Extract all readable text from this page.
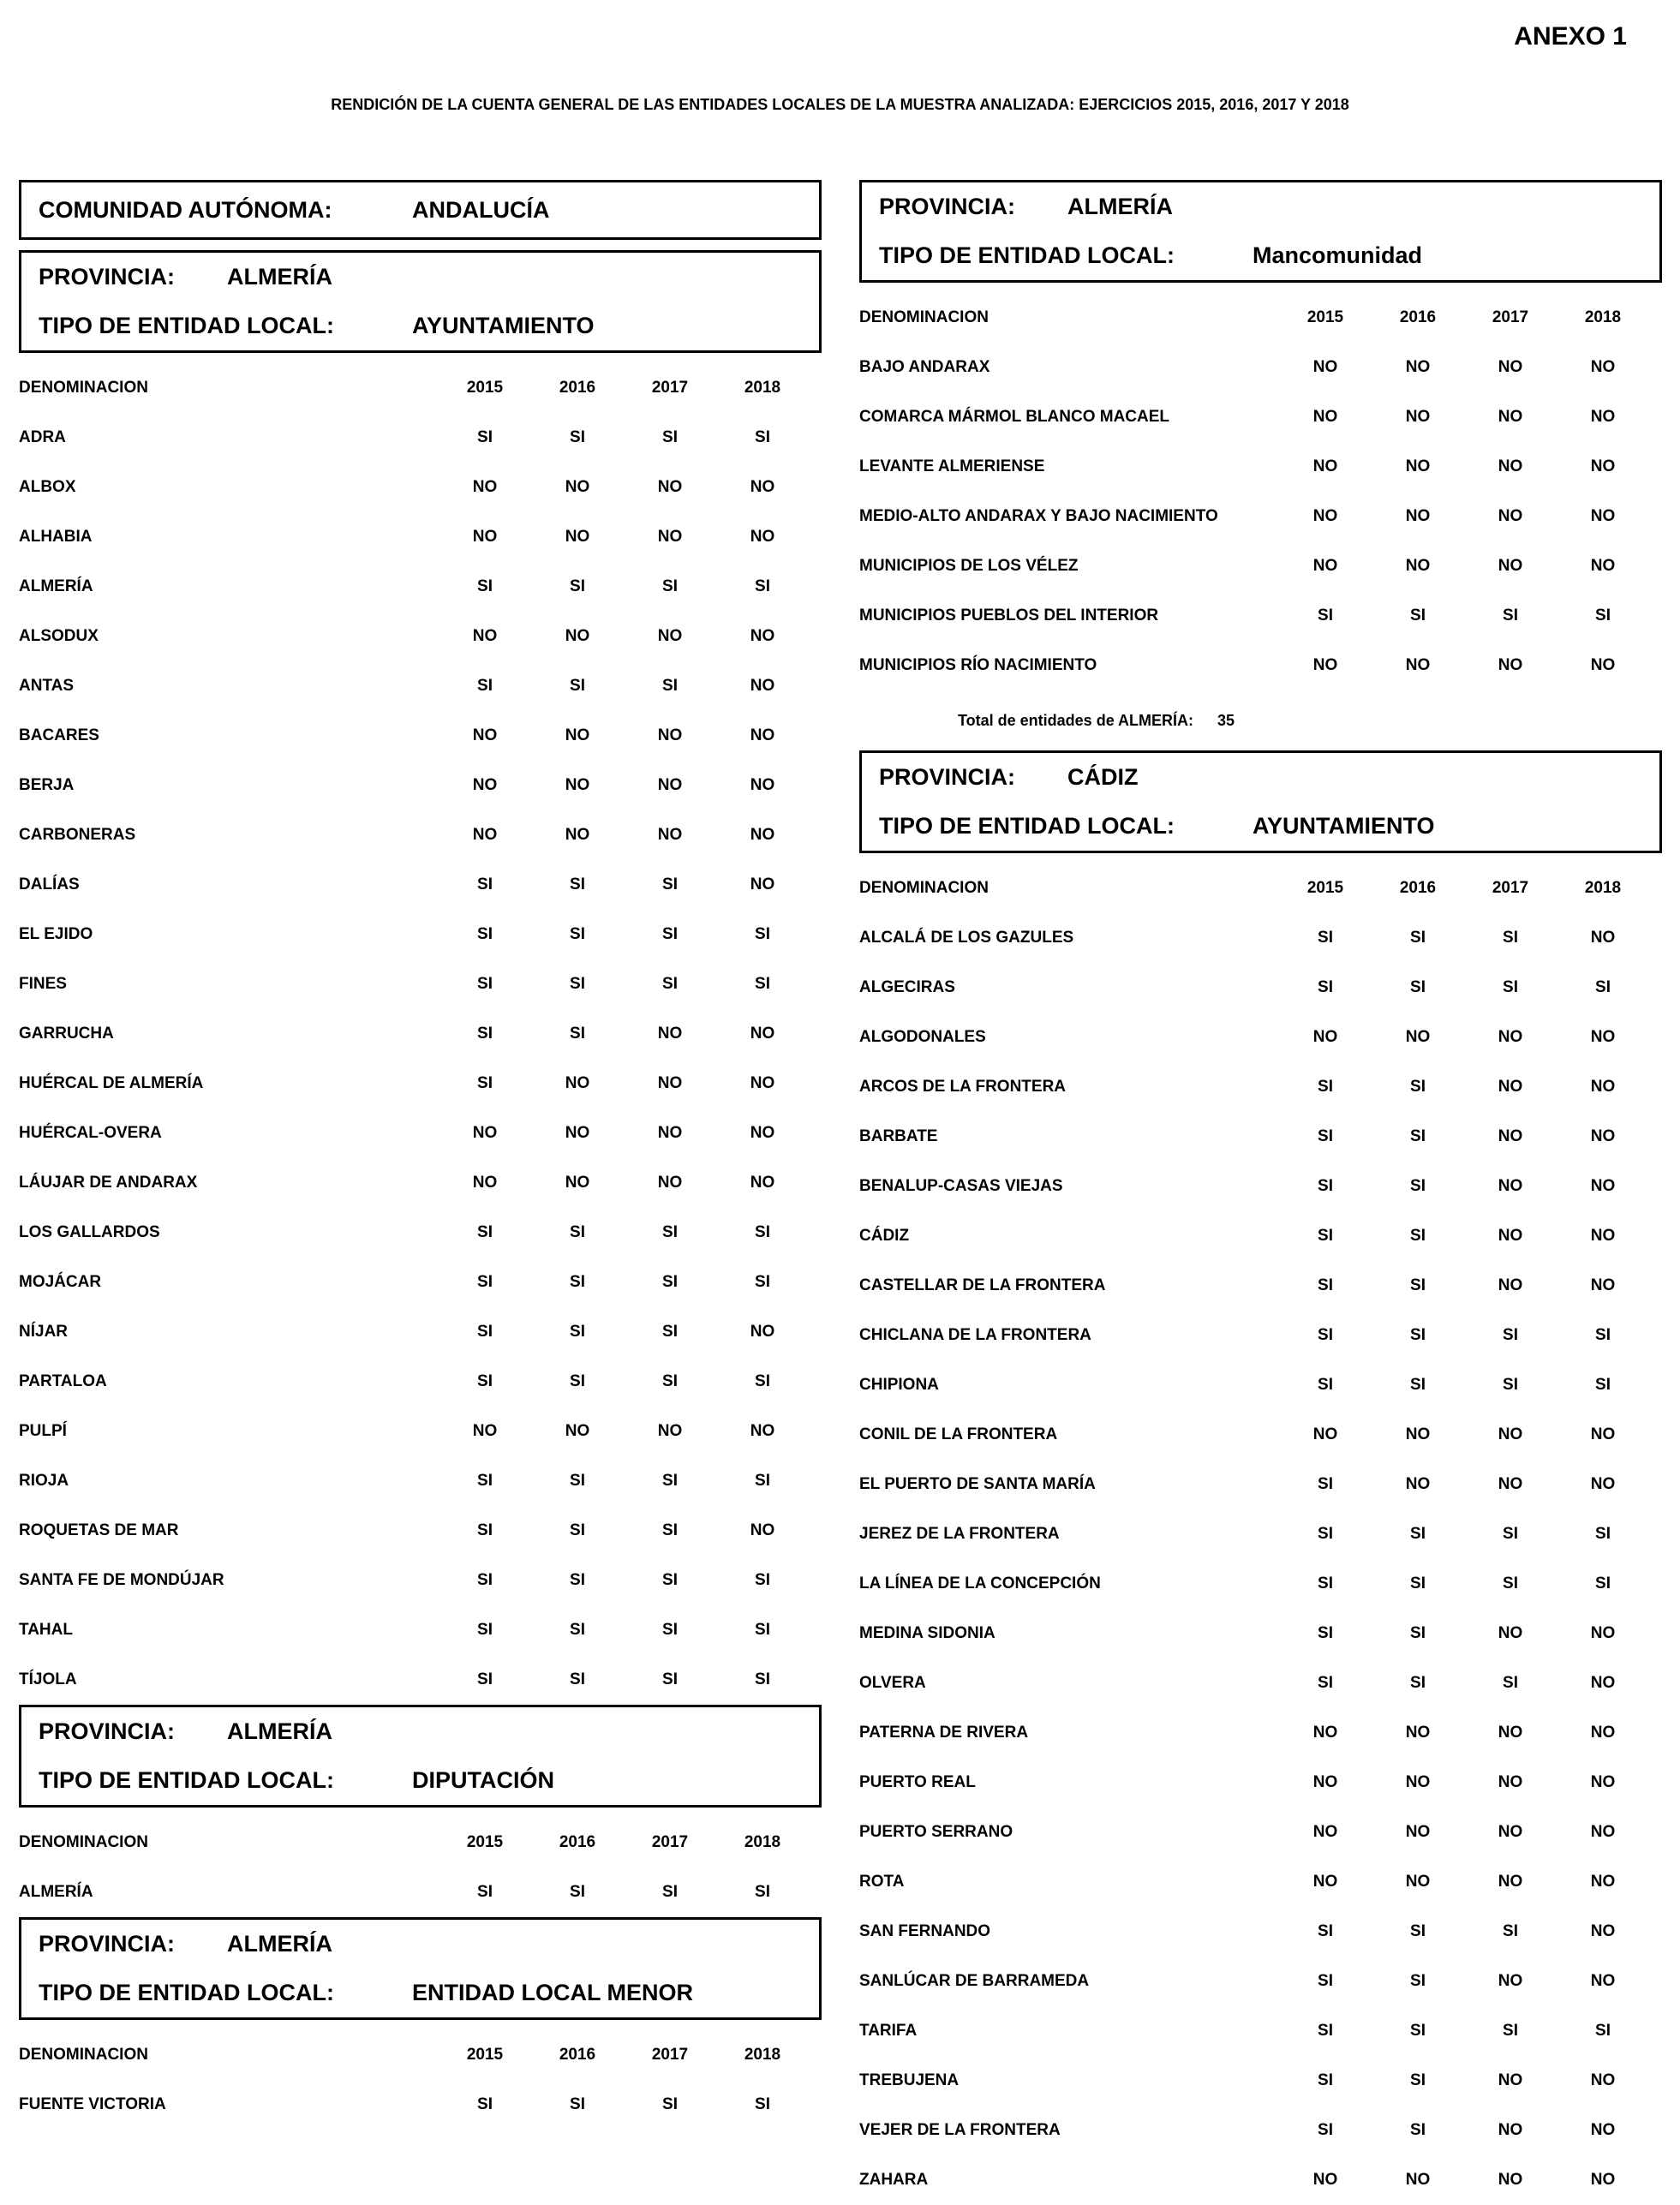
ANEXO 1
RENDICIÓN DE LA CUENTA GENERAL DE LAS ENTIDADES LOCALES DE LA MUESTRA ANALIZADA: EJERCICIOS 2015, 2016, 2017 Y 2018
COMUNIDAD AUTÓNOMA:	ANDALUCÍA
PROVINCIA:	ALMERÍA
TIPO DE ENTIDAD LOCAL:	AYUNTAMIENTO
DENOMINACION	2015	2016	2017	2018
ADRA	SI	SI	SI	SI
ALBOX	NO	NO	NO	NO
ALHABIA	NO	NO	NO	NO
ALMERÍA	SI	SI	SI	SI
ALSODUX	NO	NO	NO	NO
ANTAS	SI	SI	SI	NO
BACARES	NO	NO	NO	NO
BERJA	NO	NO	NO	NO
CARBONERAS	NO	NO	NO	NO
DALÍAS	SI	SI	SI	NO
EL EJIDO	SI	SI	SI	SI
FINES	SI	SI	SI	SI
GARRUCHA	SI	SI	NO	NO
HUÉRCAL DE ALMERÍA	SI	NO	NO	NO
HUÉRCAL-OVERA	NO	NO	NO	NO
LÁUJAR DE ANDARAX	NO	NO	NO	NO
LOS GALLARDOS	SI	SI	SI	SI
MOJÁCAR	SI	SI	SI	SI
NÍJAR	SI	SI	SI	NO
PARTALOA	SI	SI	SI	SI
PULPÍ	NO	NO	NO	NO
RIOJA	SI	SI	SI	SI
ROQUETAS DE MAR	SI	SI	SI	NO
SANTA FE DE MONDÚJAR	SI	SI	SI	SI
TAHAL	SI	SI	SI	SI
TÍJOLA	SI	SI	SI	SI
PROVINCIA:	ALMERÍA
TIPO DE ENTIDAD LOCAL:	DIPUTACIÓN
DENOMINACION	2015	2016	2017	2018
ALMERÍA	SI	SI	SI	SI
PROVINCIA:	ALMERÍA
TIPO DE ENTIDAD LOCAL:	ENTIDAD LOCAL MENOR
DENOMINACION	2015	2016	2017	2018
FUENTE VICTORIA	SI	SI	SI	SI
PROVINCIA:	ALMERÍA
TIPO DE ENTIDAD LOCAL:	Mancomunidad
DENOMINACION	2015	2016	2017	2018
BAJO ANDARAX	NO	NO	NO	NO
COMARCA MÁRMOL BLANCO MACAEL	NO	NO	NO	NO
LEVANTE ALMERIENSE	NO	NO	NO	NO
MEDIO-ALTO ANDARAX Y BAJO NACIMIENTO	NO	NO	NO	NO
MUNICIPIOS DE LOS VÉLEZ	NO	NO	NO	NO
MUNICIPIOS PUEBLOS DEL INTERIOR	SI	SI	SI	SI
MUNICIPIOS RÍO NACIMIENTO	NO	NO	NO	NO
Total de entidades de ALMERÍA: 35
PROVINCIA:	CÁDIZ
TIPO DE ENTIDAD LOCAL:	AYUNTAMIENTO
DENOMINACION	2015	2016	2017	2018
ALCALÁ DE LOS GAZULES	SI	SI	SI	NO
ALGECIRAS	SI	SI	SI	SI
ALGODONALES	NO	NO	NO	NO
ARCOS DE LA FRONTERA	SI	SI	NO	NO
BARBATE	SI	SI	NO	NO
BENALUP-CASAS VIEJAS	SI	SI	NO	NO
CÁDIZ	SI	SI	NO	NO
CASTELLAR DE LA FRONTERA	SI	SI	NO	NO
CHICLANA DE LA FRONTERA	SI	SI	SI	SI
CHIPIONA	SI	SI	SI	SI
CONIL DE LA FRONTERA	NO	NO	NO	NO
EL PUERTO DE SANTA MARÍA	SI	NO	NO	NO
JEREZ DE LA FRONTERA	SI	SI	SI	SI
LA LÍNEA DE LA CONCEPCIÓN	SI	SI	SI	SI
MEDINA SIDONIA	SI	SI	NO	NO
OLVERA	SI	SI	SI	NO
PATERNA DE RIVERA	NO	NO	NO	NO
PUERTO REAL	NO	NO	NO	NO
PUERTO SERRANO	NO	NO	NO	NO
ROTA	NO	NO	NO	NO
SAN FERNANDO	SI	SI	SI	NO
SANLÚCAR DE BARRAMEDA	SI	SI	NO	NO
TARIFA	SI	SI	SI	SI
TREBUJENA	SI	SI	NO	NO
VEJER DE LA FRONTERA	SI	SI	NO	NO
ZAHARA	NO	NO	NO	NO
